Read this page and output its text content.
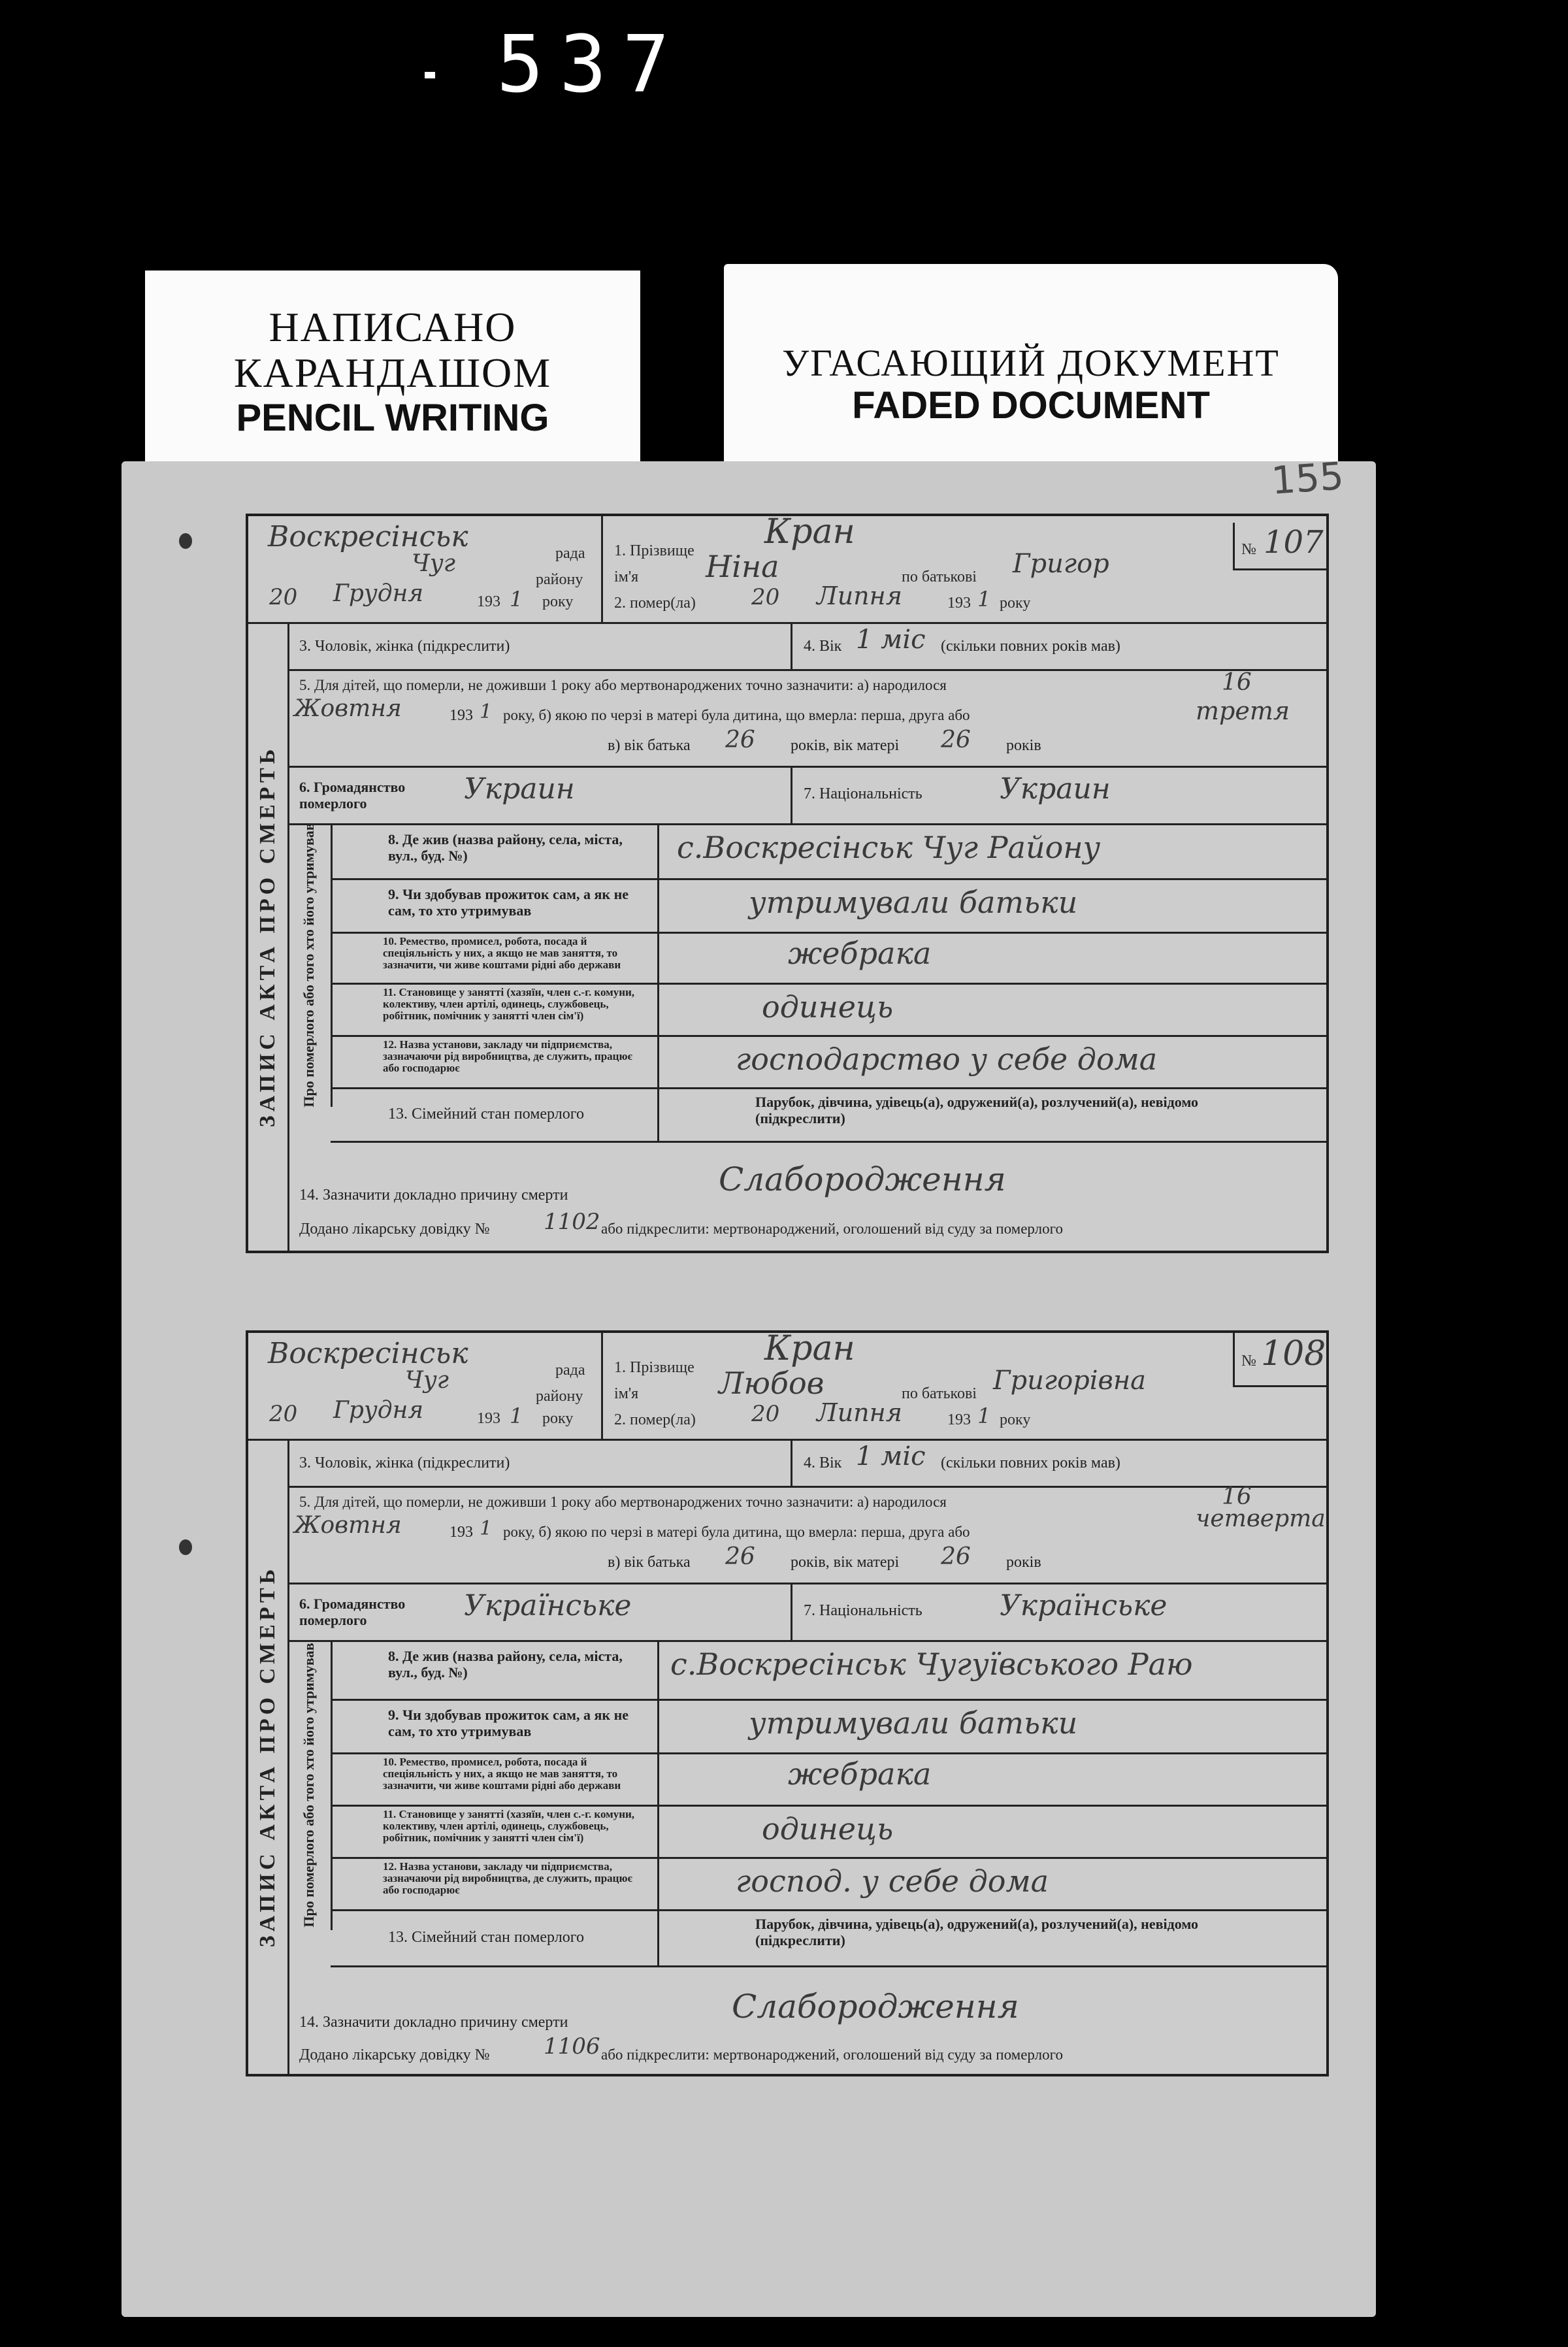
537
НАПИСАНО
КАРАНДАШОМ
PENCIL WRITING
УГАСАЮЩИЙ ДОКУМЕНТ
FADED DOCUMENT
155
Воскресінськ	рада
Чуг
району
20 Грудня	193 1 року
1. Прізвище Кран
ім'я Ніна	по батькові Григор
2. помер(ла)	20 Липня	193 1 року
№ 107
ЗАПИС АКТА ПРО СМЕРТЬ
3. Чоловік, жінка (підкреслити)	4. Вік 1 міс (скільки повних років мав)
5. Для дітей, що померли, не доживши 1 року або мертвонароджених точно зазначити: а) народилося	16
Жовтня	193 1 року, б) якою по черзі в матері була дитина, що вмерла: перша, друга або	третя
в) вік батька 26 років, вік матері 26 років
6. Громадянство померлого	Украин	7. Національність	Украин
Про померлого або того хто його утримував	8. Де жив (назва району, села, міста, вул., буд. №)	с.Воскресінськ Чуг Району
9. Чи здобував прожиток сам, а як не сам, то хто утримував	утримували батьки
10. Ремество, промисел, робота, посада й спеціяльність у них, а якщо не мав заняття, то зазначити, чи живе коштами рідні або держави	жебрака
11. Становище у занятті (хазяїн, член с.-г. комуни, колективу, член артілі, одинець, службовець, робітник, помічник у занятті член сім'ї)	одинець
12. Назва установи, закладу чи підприємства, зазначаючи рід виробництва, де служить, працює або господарює	господарство у себе дома
13. Сімейний стан померлого
Парубок, дівчина, удівець(а), одружений(а), розлучений(а), невідомо (підкреслити)
14. Зазначити докладно причину смерти	Слабородження
Додано лікарську довідку № 1102 або підкреслити: мертвонароджений, оголошений від суду за померлого
Воскресінськ	рада
Чуг
району
20 Грудня	193 1 року
1. Прізвище Кран
ім'я	Любов	по батькові Григорівна
2. помер(ла)	20 Липня	193 1 року
№ 108
ЗАПИС АКТА ПРО СМЕРТЬ
3. Чоловік, жінка (підкреслити)	4. Вік 1 міс (скільки повних років мав)
5. Для дітей, що померли, не доживши 1 року або мертвонароджених точно зазначити: а) народилося	16
Жовтня	193 1 року, б) якою по черзі в матері була дитина, що вмерла: перша, друга або	четверта
в) вік батька 26 років, вік матері 26 років
6. Громадянство померлого	Українське	7. Національність	Українське
Про померлого або того хто його утримував	8. Де жив (назва району, села, міста, вул., буд. №)	с.Воскресінськ Чугуївського Раю
9. Чи здобував прожиток сам, а як не сам, то хто утримував	утримували батьки
10. Ремество, промисел, робота, посада й спеціяльність у них, а якщо не мав заняття, то зазначити, чи живе коштами рідні або держави	жебрака
11. Становище у занятті (хазяїн, член с.-г. комуни, колективу, член артілі, одинець, службовець, робітник, помічник у занятті член сім'ї)	одинець
12. Назва установи, закладу чи підприємства, зазначаючи рід виробництва, де служить, працює або господарює	господ. у себе дома
13. Сімейний стан померлого
Парубок, дівчина, удівець(а), одружений(а), розлучений(а), невідомо (підкреслити)
14. Зазначити докладно причину смерти	Слабородження
Додано лікарську довідку № 1106 або підкреслити: мертвонароджений, оголошений від суду за померлого
